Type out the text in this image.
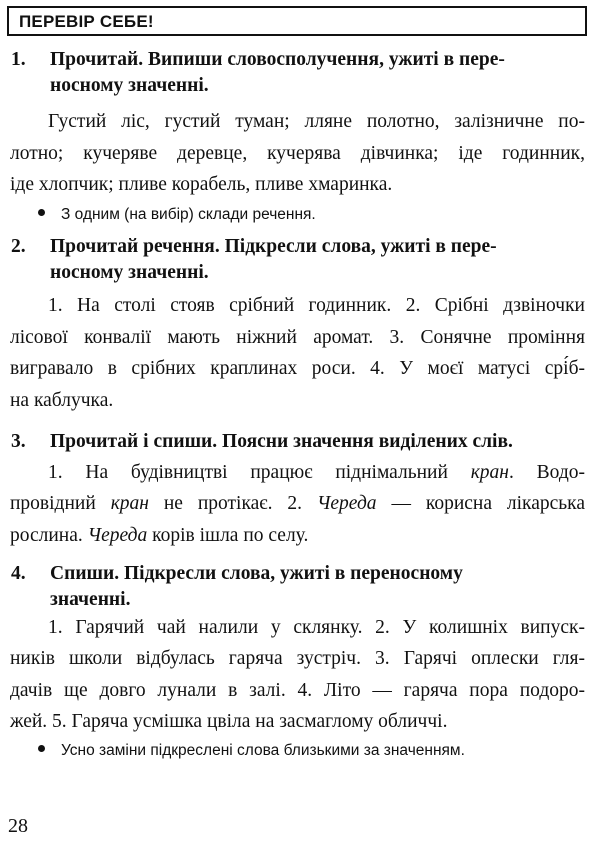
ПЕРЕВІР СЕБЕ!
1. Прочитай. Випиши словосполучення, ужиті в пере-
носному значенні.
Густий ліс, густий туман; лляне полотно, залізничне по-
лотно; кучеряве деревце, кучерява дівчинка; іде годинник,
іде хлопчик; пливе корабель, пливе хмаринка.
З одним (на вибір) склади речення.
2. Прочитай речення. Підкресли слова, ужиті в пере-
носному значенні.
1. На столі стояв срібний годинник. 2. Срібні дзвіночки
лісової конвалії мають ніжний аромат. 3. Сонячне проміння
вигравало в срібних краплинах роси. 4. У моєї матусі срі́б-
на каблучка.
3. Прочитай і спиши. Поясни значення виділених слів.
1. На будівництві працює піднімальний кран. Водо-
провідний кран не протікає. 2. Череда — корисна лікарська
рослина. Череда корів ішла по селу.
4. Спиши. Підкресли слова, ужиті в переносному
значенні.
1. Гарячий чай налили у склянку. 2. У колишніх випуск-
ників школи відбулась гаряча зустріч. 3. Гарячі оплески гля-
дачів ще довго лунали в залі. 4. Літо — гаряча пора подоро-
жей. 5. Гаряча усмішка цвіла на засмаглому обличчі.
Усно заміни підкреслені слова близькими за значенням.
28
